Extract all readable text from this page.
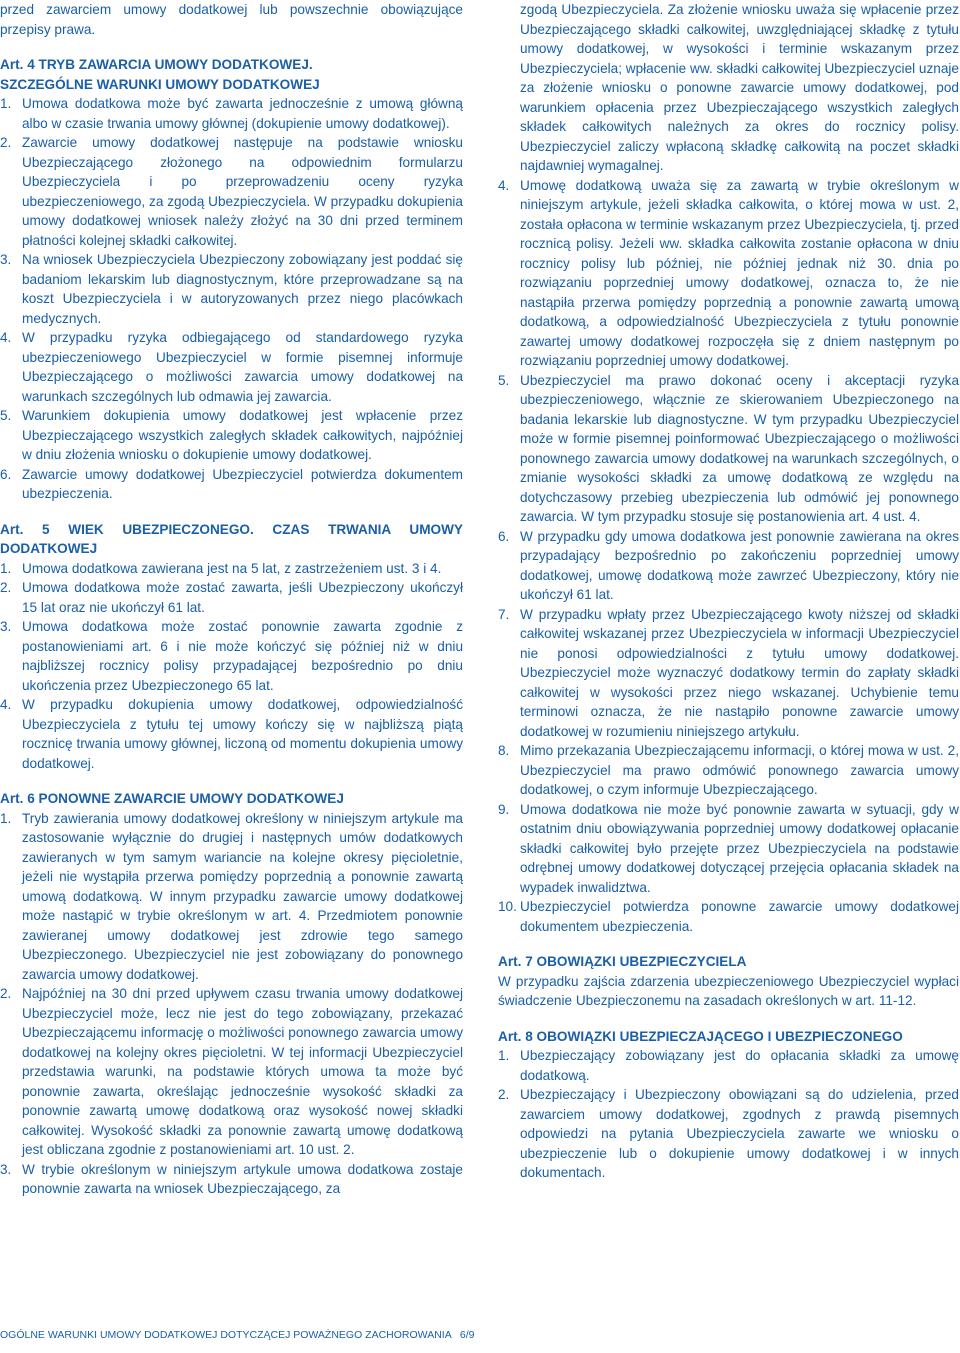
przed zawarciem umowy dodatkowej lub powszechnie obowiązujące przepisy prawa.

Art. 4 TRYB ZAWARCIA UMOWY DODATKOWEJ.

SZCZEGÓLNE WARUNKI UMOWY DODATKOWEJ

1. Umowa dodatkowa może być zawarta jednocześnie z umową główną albo w czasie trwania umowy głównej (dokupienie umowy dodatkowej).
2. Zawarcie umowy dodatkowej następuje na podstawie wniosku Ubezpieczającego złożonego na odpowiednim formularzu Ubezpieczyciela i po przeprowadzeniu oceny ryzyka ubezpieczeniowego, za zgodą Ubezpieczyciela. W przypadku dokupienia umowy dodatkowej wniosek należy złożyć na 30 dni przed terminem płatności kolejnej składki całkowitej.
3. Na wniosek Ubezpieczyciela Ubezpieczony zobowiązany jest poddać się badaniom lekarskim lub diagnostycznym, które przeprowadzane są na koszt Ubezpieczyciela i w autoryzowanych przez niego placówkach medycznych.
4. W przypadku ryzyka odbiegającego od standardowego ryzyka ubezpieczeniowego Ubezpieczyciel w formie pisemnej informuje Ubezpieczającego o możliwości zawarcia umowy dodatkowej na warunkach szczególnych lub odmawia jej zawarcia.
5. Warunkiem dokupienia umowy dodatkowej jest wpłacenie przez Ubezpieczającego wszystkich zaległych składek całkowitych, najpóźniej w dniu złożenia wniosku o dokupienie umowy dodatkowej.
6. Zawarcie umowy dodatkowej Ubezpieczyciel potwierdza dokumentem ubezpieczenia.

Art. 5 WIEK UBEZPIECZONEGO. CZAS TRWANIA UMOWY DODATKOWEJ

1. Umowa dodatkowa zawierana jest na 5 lat, z zastrzeżeniem ust. 3 i 4.
2. Umowa dodatkowa może zostać zawarta, jeśli Ubezpieczony ukończył 15 lat oraz nie ukończył 61 lat.
3. Umowa dodatkowa może zostać ponownie zawarta zgodnie z postanowieniami art. 6 i nie może kończyć się później niż w dniu najbliższej rocznicy polisy przypadającej bezpośrednio po dniu ukończenia przez Ubezpieczonego 65 lat.
4. W przypadku dokupienia umowy dodatkowej, odpowiedzialność Ubezpieczyciela z tytułu tej umowy kończy się w najbliższą piątą rocznicę trwania umowy głównej, liczoną od momentu dokupienia umowy dodatkowej.

Art. 6 PONOWNE ZAWARCIE UMOWY DODATKOWEJ

1. Tryb zawierania umowy dodatkowej określony w niniejszym artykule ma zastosowanie wyłącznie do drugiej i następnych umów dodatkowych zawieranych w tym samym wariancie na kolejne okresy pięcioletnie, jeżeli nie wystąpiła przerwa pomiędzy poprzednią a ponownie zawartą umową dodatkową. W innym przypadku zawarcie umowy dodatkowej może nastąpić w trybie określonym w art. 4. Przedmiotem ponownie zawieranej umowy dodatkowej jest zdrowie tego samego Ubezpieczonego. Ubezpieczyciel nie jest zobowiązany do ponownego zawarcia umowy dodatkowej.
2. Najpóźniej na 30 dni przed upływem czasu trwania umowy dodatkowej Ubezpieczyciel może, lecz nie jest do tego zobowiązany, przekazać Ubezpieczającemu informację o możliwości ponownego zawarcia umowy dodatkowej na kolejny okres pięcioletni. W tej informacji Ubezpieczyciel przedstawia warunki, na podstawie których umowa ta może być ponownie zawarta, określając jednocześnie wysokość składki za ponownie zawartą umowę dodatkową oraz wysokość nowej składki całkowitej. Wysokość składki za ponownie zawartą umowę dodatkową jest obliczana zgodnie z postanowieniami art. 10 ust. 2.
3. W trybie określonym w niniejszym artykule umowa dodatkowa zostaje ponownie zawarta na wniosek Ubezpieczającego, za
zgodą Ubezpieczyciela. Za złożenie wniosku uważa się wpłacenie przez Ubezpieczającego składki całkowitej, uwzględniającej składkę z tytułu umowy dodatkowej, w wysokości i terminie wskazanym przez Ubezpieczyciela; wpłacenie ww. składki całkowitej Ubezpieczyciel uznaje za złożenie wniosku o ponowne zawarcie umowy dodatkowej, pod warunkiem opłacenia przez Ubezpieczającego wszystkich zaległych składek całkowitych należnych za okres do rocznicy polisy. Ubezpieczyciel zaliczy wpłaconą składkę całkowitą na poczet składki najdawniej wymagalnej.
4. Umowę dodatkową uważa się za zawartą w trybie określonym w niniejszym artykule, jeżeli składka całkowita, o której mowa w ust. 2, została opłacona w terminie wskazanym przez Ubezpieczyciela, tj. przed rocznicą polisy. Jeżeli ww. składka całkowita zostanie opłacona w dniu rocznicy polisy lub później, nie później jednak niż 30. dnia po rozwiązaniu poprzedniej umowy dodatkowej, oznacza to, że nie nastąpiła przerwa pomiędzy poprzednią a ponownie zawartą umową dodatkową, a odpowiedzialność Ubezpieczyciela z tytułu ponownie zawartej umowy dodatkowej rozpoczęła się z dniem następnym po rozwiązaniu poprzedniej umowy dodatkowej.
5. Ubezpieczyciel ma prawo dokonać oceny i akceptacji ryzyka ubezpieczeniowego, włącznie ze skierowaniem Ubezpieczonego na badania lekarskie lub diagnostyczne. W tym przypadku Ubezpieczyciel może w formie pisemnej poinformować Ubezpieczającego o możliwości ponownego zawarcia umowy dodatkowej na warunkach szczególnych, o zmianie wysokości składki za umowę dodatkową ze względu na dotychczasowy przebieg ubezpieczenia lub odmówić jej ponownego zawarcia. W tym przypadku stosuje się postanowienia art. 4 ust. 4.
6. W przypadku gdy umowa dodatkowa jest ponownie zawierana na okres przypadający bezpośrednio po zakończeniu poprzedniej umowy dodatkowej, umowę dodatkową może zawrzeć Ubezpieczony, który nie ukończył 61 lat.
7. W przypadku wpłaty przez Ubezpieczającego kwoty niższej od składki całkowitej wskazanej przez Ubezpieczyciela w informacji Ubezpieczyciel nie ponosi odpowiedzialności z tytułu umowy dodatkowej. Ubezpieczyciel może wyznaczyć dodatkowy termin do zapłaty składki całkowitej w wysokości przez niego wskazanej. Uchybienie temu terminowi oznacza, że nie nastąpiło ponowne zawarcie umowy dodatkowej w rozumieniu niniejszego artykułu.
8. Mimo przekazania Ubezpieczającemu informacji, o której mowa w ust. 2, Ubezpieczyciel ma prawo odmówić ponownego zawarcia umowy dodatkowej, o czym informuje Ubezpieczającego.
9. Umowa dodatkowa nie może być ponownie zawarta w sytuacji, gdy w ostatnim dniu obowiązywania poprzedniej umowy dodatkowej opłacanie składki całkowitej było przejęte przez Ubezpieczyciela na podstawie odrębnej umowy dodatkowej dotyczącej przejęcia opłacania składek na wypadek inwalidztwa.
10. Ubezpieczyciel potwierdza ponowne zawarcie umowy dodatkowej dokumentem ubezpieczenia.

Art. 7 OBOWIĄZKI UBEZPIECZYCIELA

W przypadku zajścia zdarzenia ubezpieczeniowego Ubezpieczyciel wypłaci świadczenie Ubezpieczonemu na zasadach określonych w art. 11-12.

Art. 8 OBOWIĄZKI UBEZPIECZAJĄCEGO I UBEZPIECZONEGO

1. Ubezpieczający zobowiązany jest do opłacania składki za umowę dodatkową.
2. Ubezpieczający i Ubezpieczony obowiązani są do udzielenia, przed zawarciem umowy dodatkowej, zgodnych z prawdą pisemnych odpowiedzi na pytania Ubezpieczyciela zawarte we wniosku o ubezpieczenie lub o dokupienie umowy dodatkowej i w innych dokumentach.
OGÓLNE WARUNKI UMOWY DODATKOWEJ DOTYCZĄCEJ POWAŻNEGO ZACHOROWANIA   6/9
